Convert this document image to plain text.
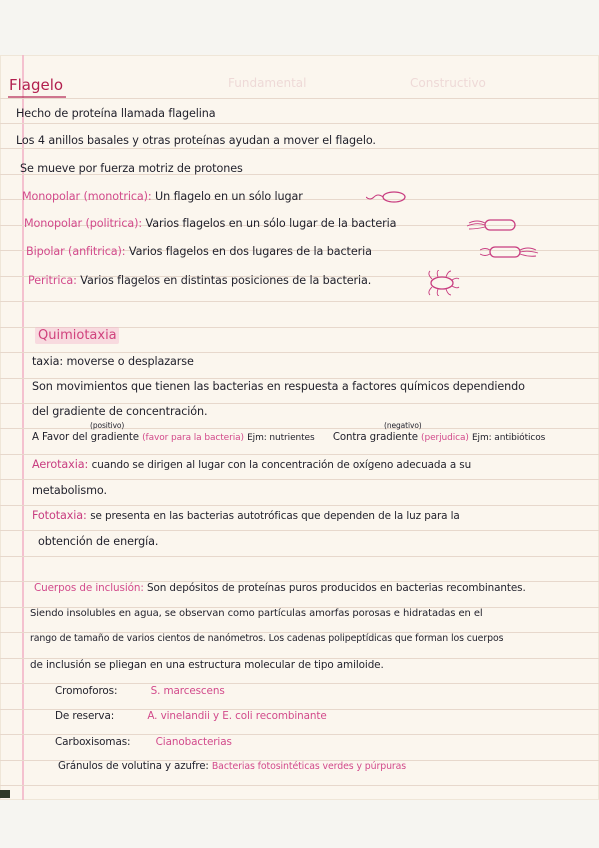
Fundamental	Constructivo
Flagelo
Hecho de proteína llamada flagelina
Los 4 anillos basales y otras proteínas ayudan a mover el flagelo.
Se mueve por fuerza motriz de protones
Monopolar (monotrica): Un flagelo en un sólo lugar
Monopolar (politrica): Varios flagelos en un sólo lugar de la bacteria
Bipolar (anfitrica): Varios flagelos en dos lugares de la bacteria
Peritrica: Varios flagelos en distintas posiciones de la bacteria.
Quimiotaxia
taxia: moverse o desplazarse
Son movimientos que tienen las bacterias en respuesta a factores químicos dependiendo
del gradiente de concentración.
(positivo)	(negativo)
A Favor del gradiente (favor para la bacteria) Ejm: nutrientes Contra gradiente (perjudica) Ejm: antibióticos
Aerotaxia: cuando se dirigen al lugar con la concentración de oxígeno adecuada a su
metabolismo.
Fototaxia: se presenta en las bacterias autotróficas que dependen de la luz para la
obtención de energía.
Cuerpos de inclusión: Son depósitos de proteínas puros producidos en bacterias recombinantes.
Siendo insolubles en agua, se observan como partículas amorfas porosas e hidratadas en el
rango de tamaño de varios cientos de nanómetros. Los cadenas polipeptídicas que forman los cuerpos
de inclusión se pliegan en una estructura molecular de tipo amiloide.
Cromoforos:	S. marcescens
De reserva:	A. vinelandii y E. coli recombinante
Carboxisomas: Cianobacterias
Gránulos de volutina y azufre: Bacterias fotosintéticas verdes y púrpuras
